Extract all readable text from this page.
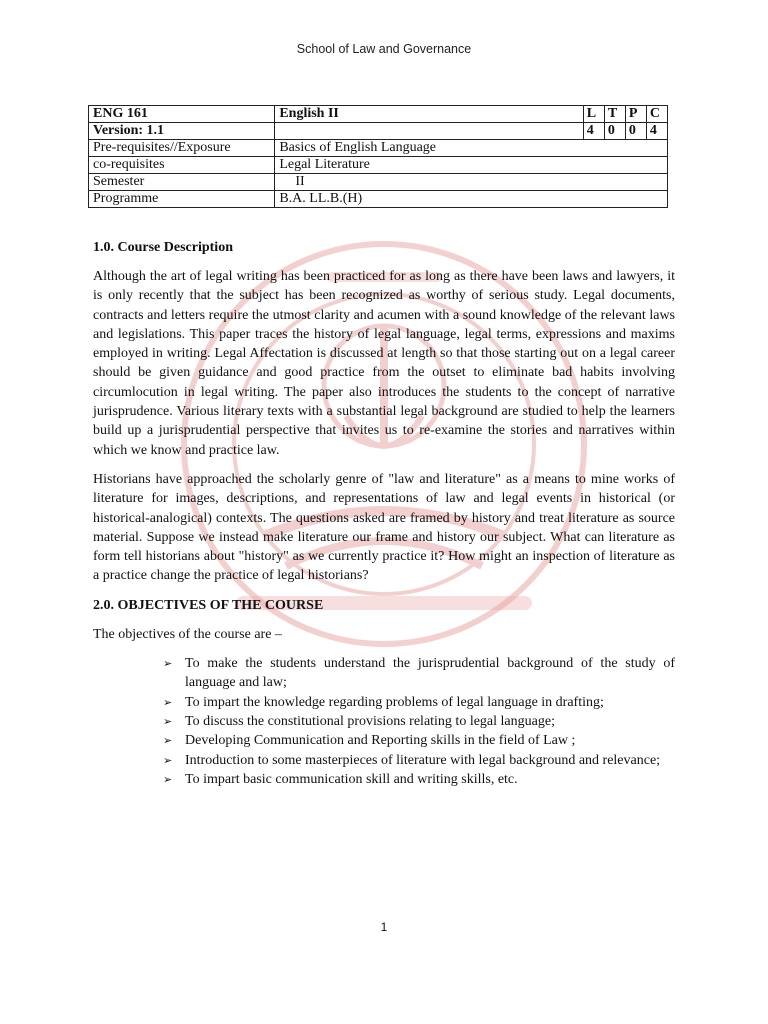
School of Law and Governance
ENG 161	English II	L	T	P	C
Version: 1.1		4	0	0	4
Pre-requisites//Exposure	Basics of English Language				
co-requisites	Legal Literature				
Semester	II				
Programme	B.A. LL.B.(H)				
1.0. Course Description

Although the art of legal writing has been practiced for as long as there have been laws and lawyers, it is only recently that the subject has been recognized as worthy of serious study. Legal documents, contracts and letters require the utmost clarity and acumen with a sound knowledge of the relevant laws and legislations. This paper traces the history of legal language, legal terms, expressions and maxims employed in writing. Legal Affectation is discussed at length so that those starting out on a legal career should be given guidance and good practice from the outset to eliminate bad habits involving circumlocution in legal writing. The paper also introduces the students to the concept of narrative jurisprudence. Various literary texts with a substantial legal background are studied to help the learners build up a jurisprudential perspective that invites us to re-examine the stories and narratives within which we know and practice law.

Historians have approached the scholarly genre of "law and literature" as a means to mine works of literature for images, descriptions, and representations of law and legal events in historical (or historical-analogical) contexts. The questions asked are framed by history and treat literature as source material. Suppose we instead make literature our frame and history our subject. What can literature as form tell historians about "history" as we currently practice it? How might an inspection of literature as a practice change the practice of legal historians?

2.0. OBJECTIVES OF THE COURSE

The objectives of the course are –

➢ To make the students understand the jurisprudential background of the study of language and law;
➢ To impart the knowledge regarding problems of legal language in drafting;
➢ To discuss the constitutional provisions relating to legal language;
➢ Developing Communication and Reporting skills in the field of Law ;
➢ Introduction to some masterpieces of literature with legal background and relevance;
➢ To impart basic communication skill and writing skills, etc.
1
